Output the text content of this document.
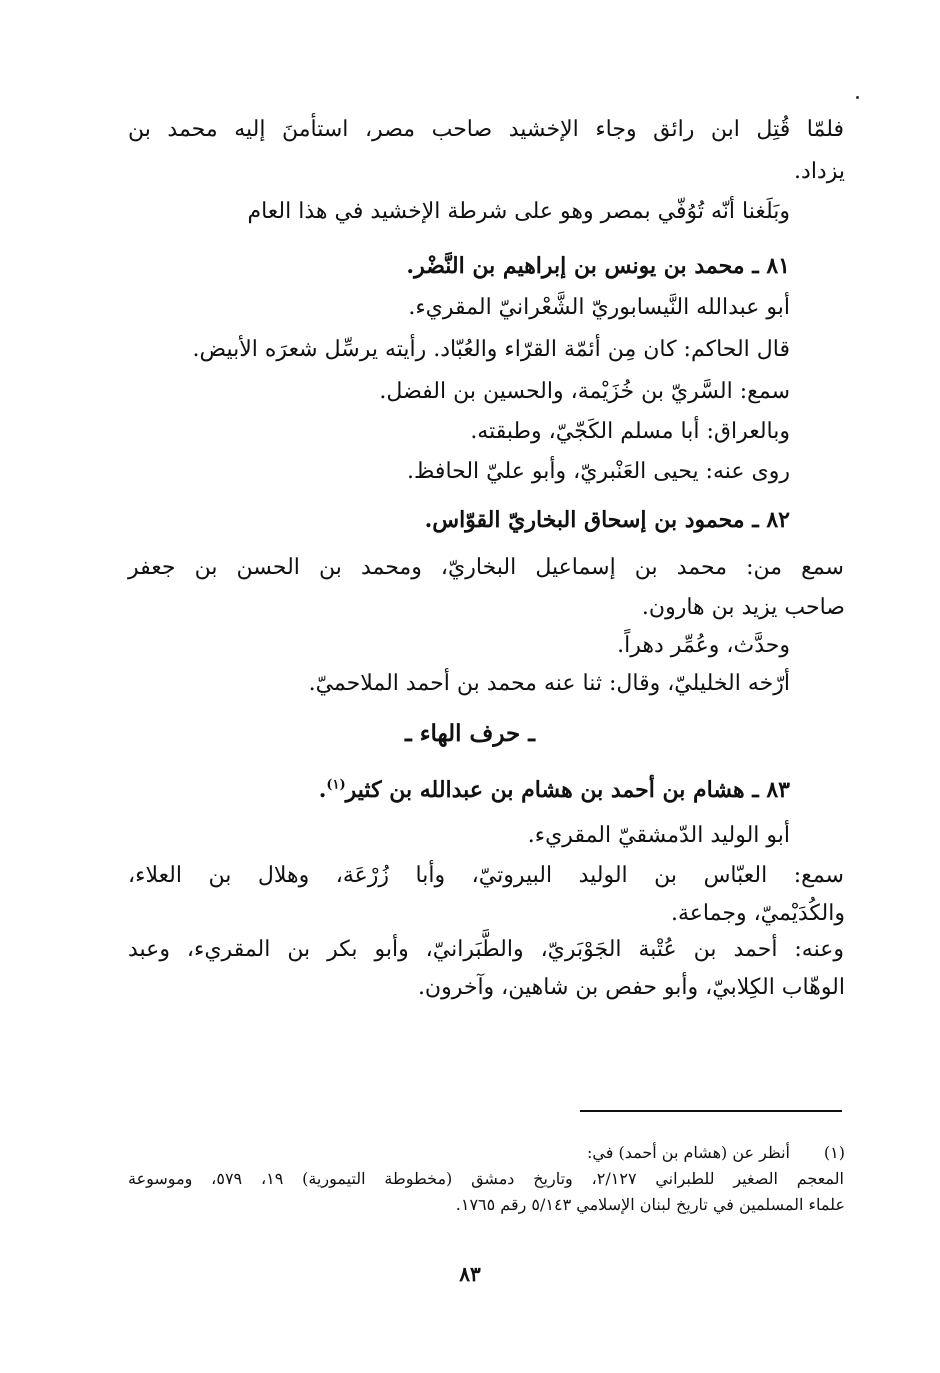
فلمّا قُتِل ابن رائق وجاء الإخشيد صاحب مصر، استأمنَ إليه محمد بن
يزداد.
وبَلَغنا أنّه تُوُفّي بمصر وهو على شرطة الإخشيد في هذا العام
٨١ ـ محمد بن يونس بن إبراهيم بن النَّضْر.
أبو عبدالله النَّيسابوريّ الشَّعْرانيّ المقريء.
قال الحاكم: كان مِن أئمّة القرّاء والعُبّاد. رأيته يرسِّل شعرَه الأبيض.
سمع: السَّريّ بن خُزَيْمة، والحسين بن الفضل.
وبالعراق: أبا مسلم الكَجّيّ، وطبقته.
روى عنه: يحيى العَنْبريّ، وأبو عليّ الحافظ.
٨٢ ـ محمود بن إسحاق البخاريّ القوّاس.
سمع من: محمد بن إسماعيل البخاريّ، ومحمد بن الحسن بن جعفر
صاحب يزيد بن هارون.
وحدَّث، وعُمِّر دهراً.
أرّخه الخليليّ، وقال: ثنا عنه محمد بن أحمد الملاحميّ.
ـ حرف الهاء ـ
٨٣ ـ هشام بن أحمد بن هشام بن عبدالله بن كثير$^{(١)}$.
أبو الوليد الدّمشقيّ المقريء.
سمع: العبّاس بن الوليد البيروتيّ، وأبا زُرْعَة، وهلال بن العلاء،
والكُدَيْميّ، وجماعة.
وعنه: أحمد بن عُتْبة الجَوْبَريّ، والطَّبَرانيّ، وأبو بكر بن المقريء، وعبد
الوهّاب الكِلابيّ، وأبو حفص بن شاهين، وآخرون.
(١)
أنظر عن (هشام بن أحمد) في:
المعجم الصغير للطبراني ٢/١٢٧، وتاريخ دمشق (مخطوطة التيمورية) ١٩، ٥٧٩، وموسوعة
علماء المسلمين في تاريخ لبنان الإسلامي ٥/١٤٣ رقم ١٧٦٥.
٨٣
